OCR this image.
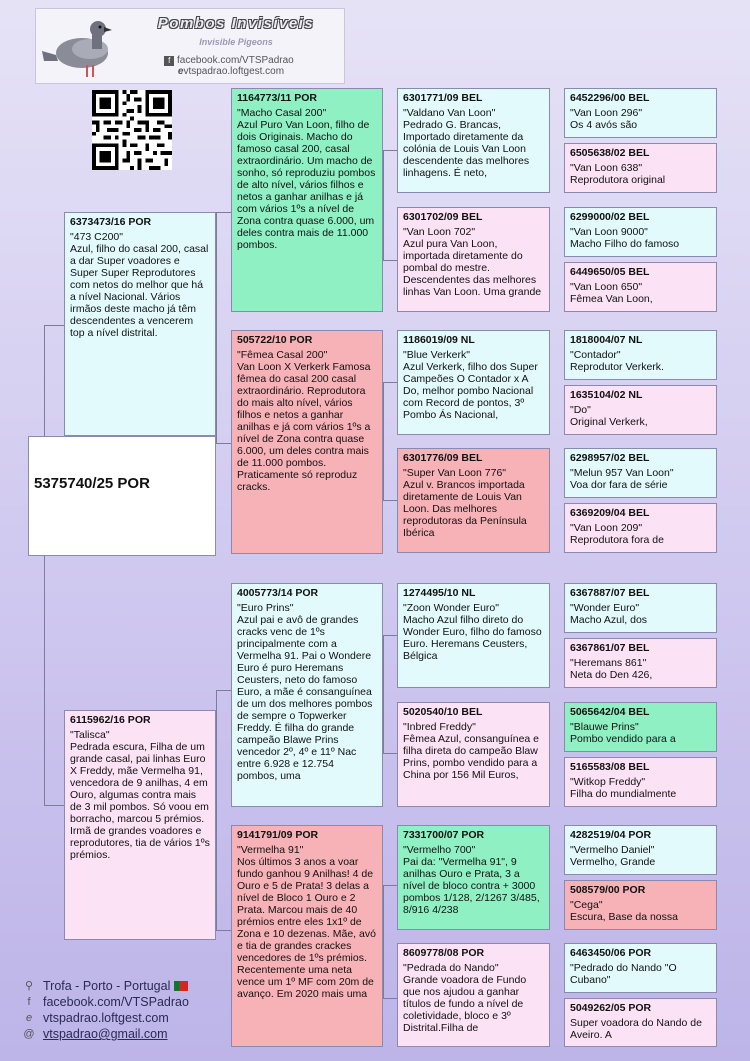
Pombos Invisíveis
Invisible Pigeons
f facebook.com/VTSPadrao evtspadrao.loftgest.com
5375740/25 POR
6373473/16 POR
"473 C200"
Azul, filho do casal 200, casal a dar Super voadores e Super Super Reprodutores com netos do melhor que há a nível Nacional. Vários irmãos deste macho já têm descendentes a vencerem top a nível distrital.
6115962/16 POR
"Talisca"
Pedrada escura, Filha de um grande casal, pai linhas Euro X Freddy, mãe Vermelha 91, vencedora de 9 anilhas, 4 em Ouro, algumas contra mais de 3 mil pombos. Só voou em borracho, marcou 5 prémios. Irmã de grandes voadores e reprodutores, tia de vários 1ºs prémios.
1164773/11 POR
"Macho Casal 200"
Azul Puro Van Loon, filho de dois Originais. Macho do famoso casal 200, casal extraordinário. Um macho de sonho, só reproduziu pombos de alto nível, vários filhos e netos a ganhar anilhas e já com vários 1ºs a nível de Zona contra quase 6.000, um deles contra mais de 11.000 pombos.
505722/10 POR
"Fêmea Casal 200"
Van Loon X Verkerk Famosa fêmea do casal 200 casal extraordinário. Reprodutora do mais alto nível, vários filhos e netos a ganhar anilhas e já com vários 1ºs a nível de Zona contra quase 6.000, um deles contra mais de 11.000 pombos. Praticamente só reproduz cracks.
4005773/14 POR
"Euro Prins"
Azul pai e avô de grandes cracks venc de 1ºs principalmente com a Vermelha 91. Pai o Wondere Euro é puro Heremans Ceusters, neto do famoso Euro, a mãe é consanguínea de um dos melhores pombos de sempre o Topwerker Freddy. É filha do grande campeão Blawe Prins vencedor 2º, 4º e 11º Nac entre 6.928 e 12.754 pombos, uma
9141791/09 POR
"Vermelha 91"
Nos últimos 3 anos a voar fundo ganhou 9 Anilhas! 4 de Ouro e 5 de Prata! 3 delas a nível de Bloco 1 Ouro e 2 Prata. Marcou mais de 40 prémios entre eles 1x1º de Zona e 10 dezenas. Mãe, avó e tia de grandes crackes vencedores de 1ºs prémios. Recentemente uma neta vence um 1º MF com 20m de avanço. Em 2020 mais uma
6301771/09 BEL
"Valdano Van Loon"
Pedrado G. Brancas, Importado diretamente da colónia de Louis Van Loon descendente das melhores linhagens. É neto,
6301702/09 BEL
"Van Loon 702"
Azul pura Van Loon, importada diretamente do pombal do mestre. Descendentes das melhores linhas Van Loon. Uma grande
1186019/09 NL
"Blue Verkerk"
Azul Verkerk, filho dos Super Campeões O Contador x A Do, melhor pombo Nacional com Record de pontos, 3º Pombo Ás Nacional,
6301776/09 BEL
"Super Van Loon 776"
Azul v. Brancos importada diretamente de Louis Van Loon. Das melhores reprodutoras da Península Ibérica
1274495/10 NL
"Zoon Wonder Euro"
Macho Azul filho direto do Wonder Euro, filho do famoso Euro. Heremans Ceusters, Bélgica
5020540/10 BEL
"Inbred Freddy"
Fêmea Azul, consanguínea e filha direta do campeão Blaw Prins, pombo vendido para a China por 156 Mil Euros,
7331700/07 POR
"Vermelho 700"
Pai da: "Vermelha 91", 9 anilhas Ouro e Prata, 3 a nível de bloco contra + 3000 pombos 1/128, 2/1267 3/485, 8/916 4/238
8609778/08 POR
"Pedrada do Nando"
Grande voadora de Fundo que nos ajudou a ganhar títulos de fundo a nível de coletividade, bloco e 3º Distrital.Filha de
6452296/00 BEL
"Van Loon 296"
Os 4 avós são
6505638/02 BEL
"Van Loon 638"
Reprodutora original
6299000/02 BEL
"Van Loon 9000"
Macho Filho do famoso
6449650/05 BEL
"Van Loon 650"
Fêmea Van Loon,
1818004/07 NL
"Contador"
Reprodutor Verkerk.
1635104/02 NL
"Do"
Original Verkerk,
6298957/02 BEL
"Melun 957 Van Loon"
Voa dor fara de série
6369209/04 BEL
"Van Loon 209"
Reprodutora fora de
6367887/07 BEL
"Wonder Euro"
Macho Azul, dos
6367861/07 BEL
"Heremans 861"
Neta do Den 426,
5065642/04 BEL
"Blauwe Prins"
Pombo vendido para a
5165583/08 BEL
"Witkop Freddy"
Filha do mundialmente
4282519/04 POR
"Vermelho Daniel"
Vermelho, Grande
508579/00 POR
"Cega"
Escura, Base da nossa
6463450/06 POR
"Pedrado do Nando "O Cubano"
5049262/05 POR
Super voadora do Nando de Aveiro. A
⚲ Trofa - Porto - Portugal
f facebook.com/VTSPadrao
e vtspadrao.loftgest.com
@ vtspadrao@gmail.com
